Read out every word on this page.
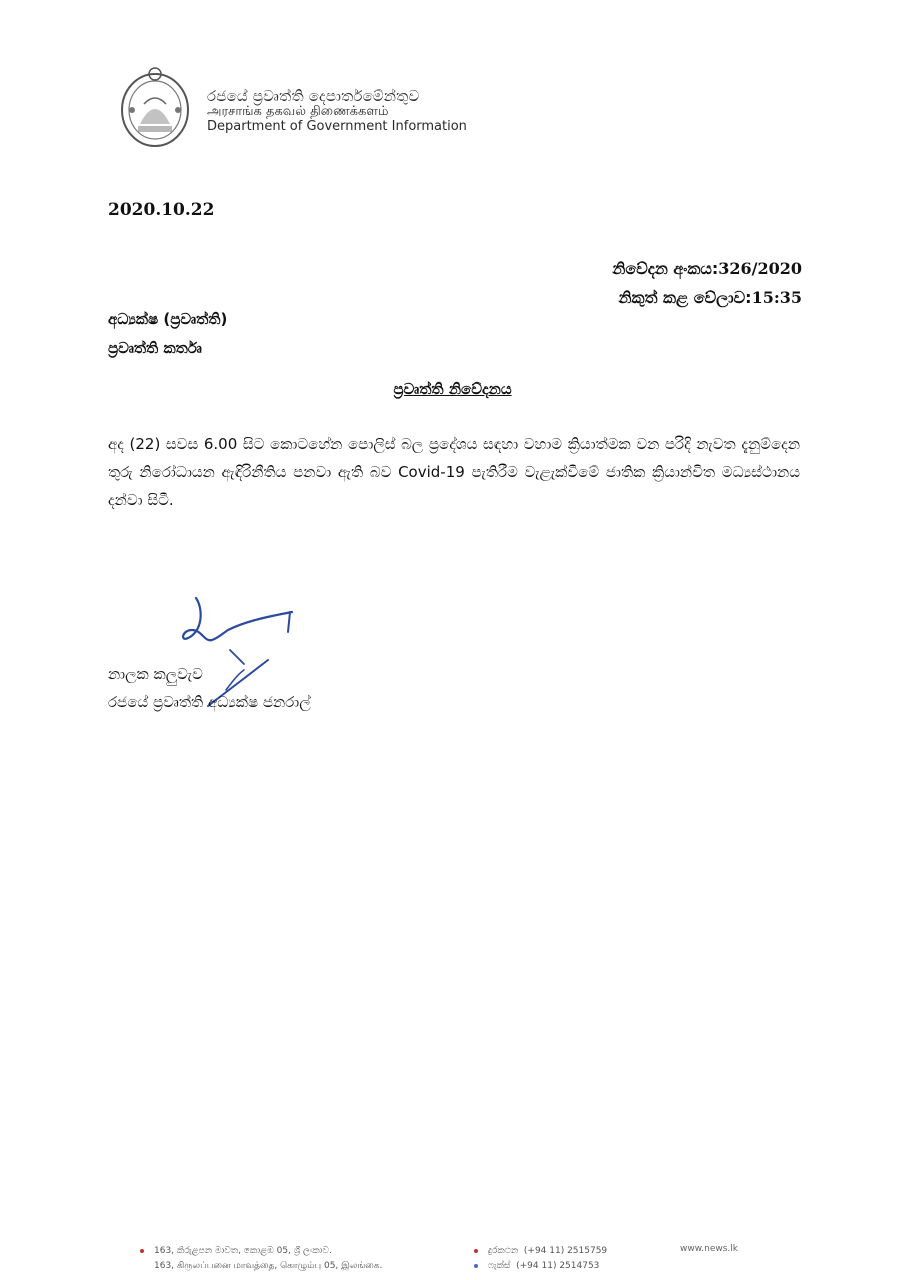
රජයේ ප්‍රවෘත්ති දෙපාර්තමේන්තුව
அரசாங்க தகவல் திணைக்களம்
Department of Government Information
2020.10.22
නිවේදන අංකය:326/2020
නිකුත් කළ වේලාව:15:35
අධ්‍යක්ෂ (ප්‍රවෘත්ති)
ප්‍රවෘත්ති කර්තෘ
ප්‍රවෘත්ති නිවේදනය
අද (22) සවස 6.00 සිට කොටහේන පොලිස් බල ප්‍රදේශය සඳහා වහාම ක්‍රියාත්මක වන පරිදි නැවත දැනුම්දෙන තුරු නිරෝධායන ඇඳිරිනීතිය පනවා ඇති බව Covid-19 පැතිරීම වැළැක්වීමේ ජාතික ක්‍රියාන්විත මධ්‍යස්ථානය දන්වා සිටී.
නාලක කලුවැව
රජයේ ප්‍රවෘත්ති අධ්‍යක්ෂ ජනරාල්
163, කිරුළපන මාවත, කොළඹ 05, ශ්‍රී ලංකාව.
163, கிருலப்பனை மாவத்தை, கொழும்பு 05, இலங்கை.
දුරකථන (+94 11) 2515759
ෆැක්ස් (+94 11) 2514753
www.news.lk
